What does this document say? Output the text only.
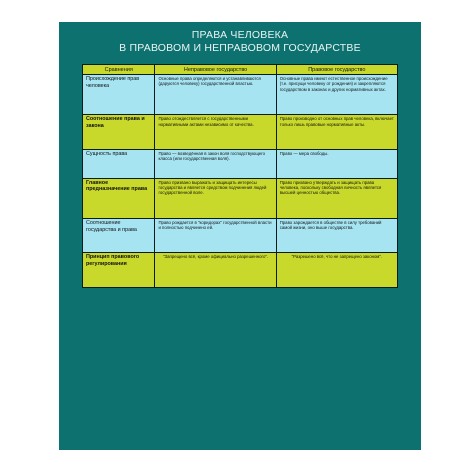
ПРАВА ЧЕЛОВЕКА
В ПРАВОВОМ И НЕПРАВОВОМ ГОСУДАРСТВЕ
Сравнения	Неправовое государство	Правовое государство
Происхождение прав человека	Основные права определяются и устанавливаются (даруются человеку) государственной властью.	Основные права имеют естественное происхождение (т.е. присущи человеку от рождения) и закрепляются государством в законах и других нормативных актах.
Соотношение права и закона	Право отождествляется с государственными нормативными актами независимо от качества.	Право производно от основных прав человека, включает только лишь правовые нормативные акты.
Сущность права	Право — возведённая в закон воля господствующего класса (или государственная воля).	Право — мера свободы.
Главное предназначение права	Право призвано выражать и защищать интересы государства и является средством подчинения людей государственной воле.	Право призвано утверждать и защищать права человека, поскольку свободная личность является высшей ценностью общества.
Соотношение государства и права	Право рождается в "коридорах" государственной власти и полностью подчинено ей.	Право зарождается в обществе в силу требований самой жизни, оно выше государства.
Принцип правового регулирования	"Запрещено всё, кроме официально разрешенного".	"Разрешено всё, что не запрещено законом".
